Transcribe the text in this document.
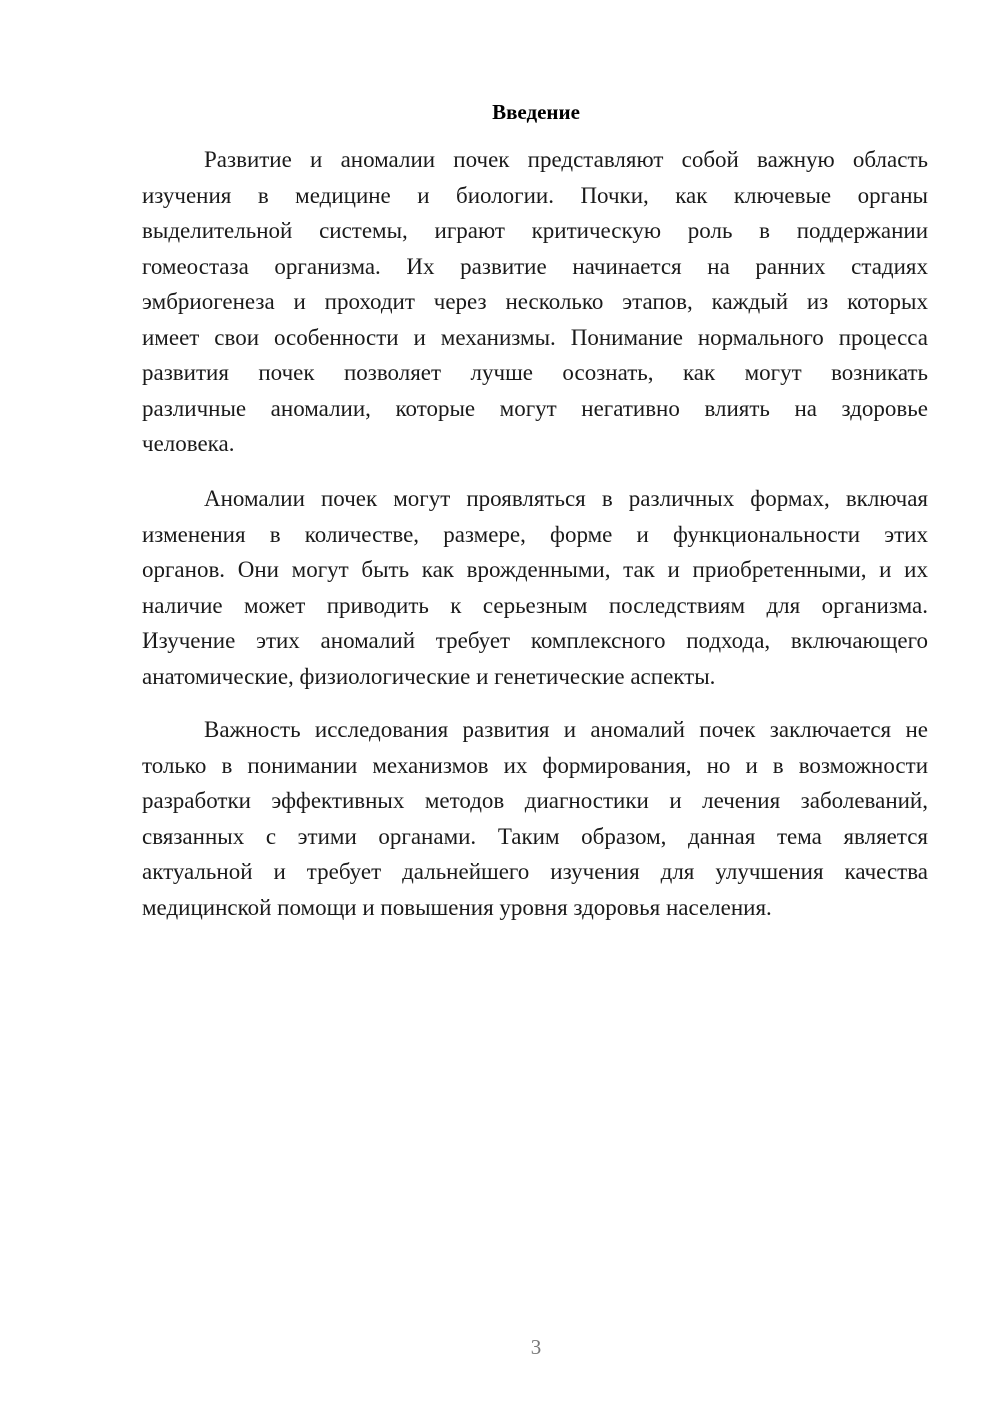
Введение
Развитие и аномалии почек представляют собой важную область
изучения в медицине и биологии. Почки, как ключевые органы
выделительной системы, играют критическую роль в поддержании
гомеостаза организма. Их развитие начинается на ранних стадиях
эмбриогенеза и проходит через несколько этапов, каждый из которых
имеет свои особенности и механизмы. Понимание нормального процесса
развития почек позволяет лучше осознать, как могут возникать
различные аномалии, которые могут негативно влиять на здоровье
человека.
Аномалии почек могут проявляться в различных формах, включая
изменения в количестве, размере, форме и функциональности этих
органов. Они могут быть как врожденными, так и приобретенными, и их
наличие может приводить к серьезным последствиям для организма.
Изучение этих аномалий требует комплексного подхода, включающего
анатомические, физиологические и генетические аспекты.
Важность исследования развития и аномалий почек заключается не
только в понимании механизмов их формирования, но и в возможности
разработки эффективных методов диагностики и лечения заболеваний,
связанных с этими органами. Таким образом, данная тема является
актуальной и требует дальнейшего изучения для улучшения качества
медицинской помощи и повышения уровня здоровья населения.
3
